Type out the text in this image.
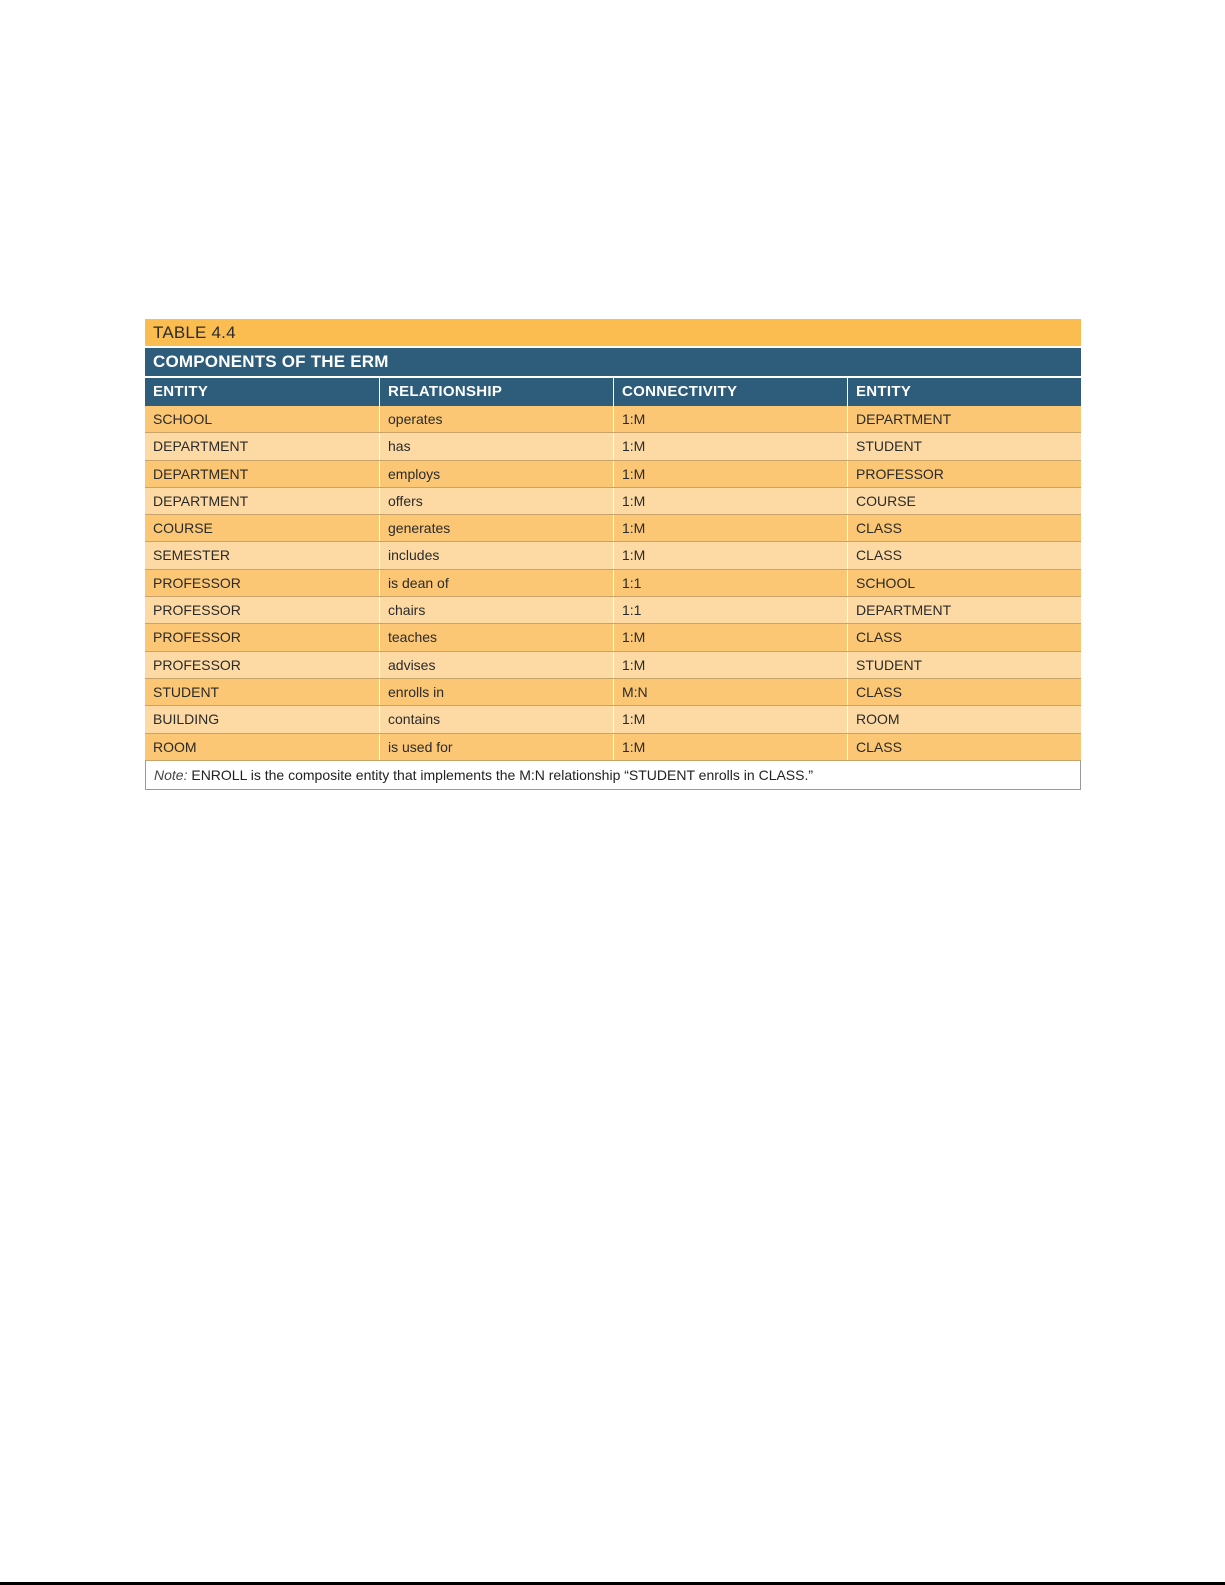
TABLE 4.4
COMPONENTS OF THE ERM
ENTITY	RELATIONSHIP	CONNECTIVITY	ENTITY
SCHOOL	operates	1:M	DEPARTMENT
DEPARTMENT	has	1:M	STUDENT
DEPARTMENT	employs	1:M	PROFESSOR
DEPARTMENT	offers	1:M	COURSE
COURSE	generates	1:M	CLASS
SEMESTER	includes	1:M	CLASS
PROFESSOR	is dean of	1:1	SCHOOL
PROFESSOR	chairs	1:1	DEPARTMENT
PROFESSOR	teaches	1:M	CLASS
PROFESSOR	advises	1:M	STUDENT
STUDENT	enrolls in	M:N	CLASS
BUILDING	contains	1:M	ROOM
ROOM	is used for	1:M	CLASS
Note: ENROLL is the composite entity that implements the M:N relationship “STUDENT enrolls in CLASS.”
